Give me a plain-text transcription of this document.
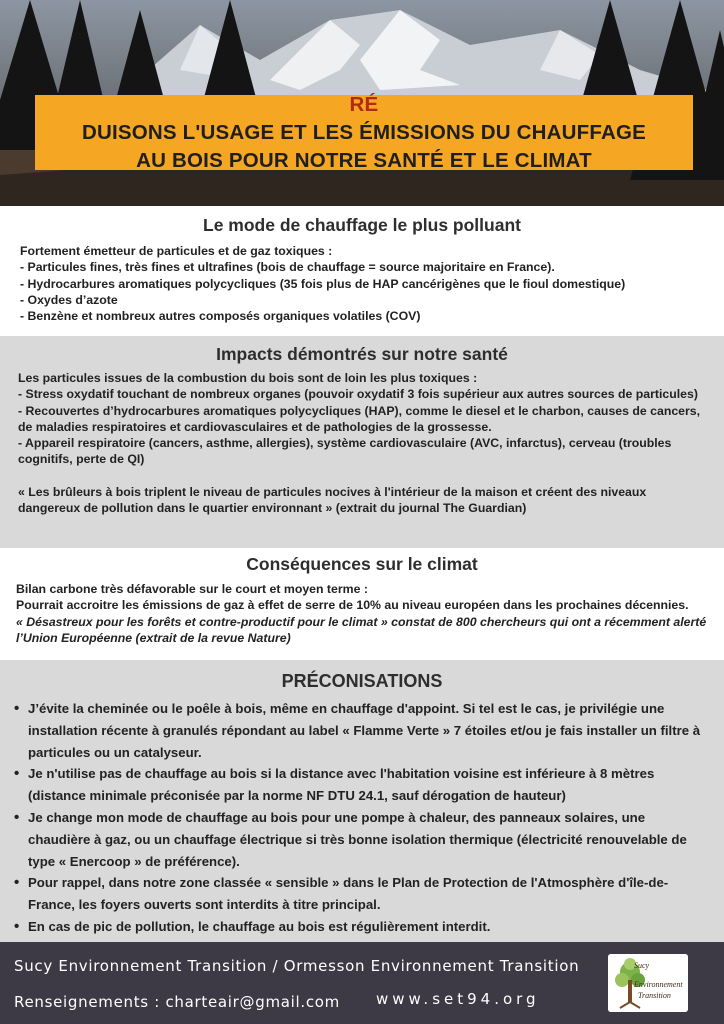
RÉ
DUISONS L'USAGE ET LES ÉMISSIONS DU CHAUFFAGE
AU BOIS POUR NOTRE SANTÉ ET LE CLIMAT
Le mode de chauffage le plus polluant

Fortement émetteur de particules et de gaz toxiques :

- Particules fines, très fines et ultrafines (bois de chauffage = source majoritaire en France).

- Hydrocarbures aromatiques polycycliques (35 fois plus de HAP cancérigènes que le fioul domestique)

- Oxydes d’azote

- Benzène et nombreux autres composés organiques volatiles (COV)

Impacts démontrés sur notre santé

Les particules issues de la combustion du bois sont de loin les plus toxiques :

- Stress oxydatif touchant de nombreux organes (pouvoir oxydatif 3 fois supérieur aux autres sources de particules)

- Recouvertes d’hydrocarbures aromatiques polycycliques (HAP), comme le diesel et le charbon, causes de cancers, de maladies respiratoires et cardiovasculaires et de pathologies de la grossesse.

- Appareil respiratoire (cancers, asthme, allergies), système cardiovasculaire (AVC, infarctus), cerveau (troubles cognitifs, perte de QI)

« Les brûleurs à bois triplent le niveau de particules nocives à l'intérieur de la maison et créent des niveaux dangereux de pollution dans le quartier environnant » (extrait du journal The Guardian)

Conséquences sur le climat

Bilan carbone très défavorable sur le court et moyen terme :

Pourrait accroitre les émissions de gaz à effet de serre de 10% au niveau européen dans les prochaines décennies.

« Désastreux pour les forêts et contre-productif pour le climat » constat de 800 chercheurs qui ont a récemment alerté l’Union Européenne (extrait de la revue Nature)

PRÉCONISATIONS
• J’évite la cheminée ou le poêle à bois, même en chauffage d'appoint. Si tel est le cas, je privilégie une installation récente à granulés répondant au label « Flamme Verte » 7 étoiles et/ou je fais installer un filtre à particules ou un catalyseur.
• Je n'utilise pas de chauffage au bois si la distance avec l'habitation voisine est inférieure à 8 mètres (distance minimale préconisée par la norme NF DTU 24.1, sauf dérogation de hauteur)
• Je change mon mode de chauffage au bois pour une pompe à chaleur, des panneaux solaires, une chaudière à gaz, ou un chauffage électrique si très bonne isolation thermique (électricité renouvelable de type « Enercoop » de préférence).
• Pour rappel, dans notre zone classée « sensible » dans le Plan de Protection de l'Atmosphère d'île-de-France, les foyers ouverts sont interdits à titre principal.
• En cas de pic de pollution, le chauffage au bois est régulièrement interdit.
Sucy Environnement Transition / Ormesson Environnement Transition
Renseignements : charteair@gmail.com www.set94.org
Sucy
Environnement
Transition
